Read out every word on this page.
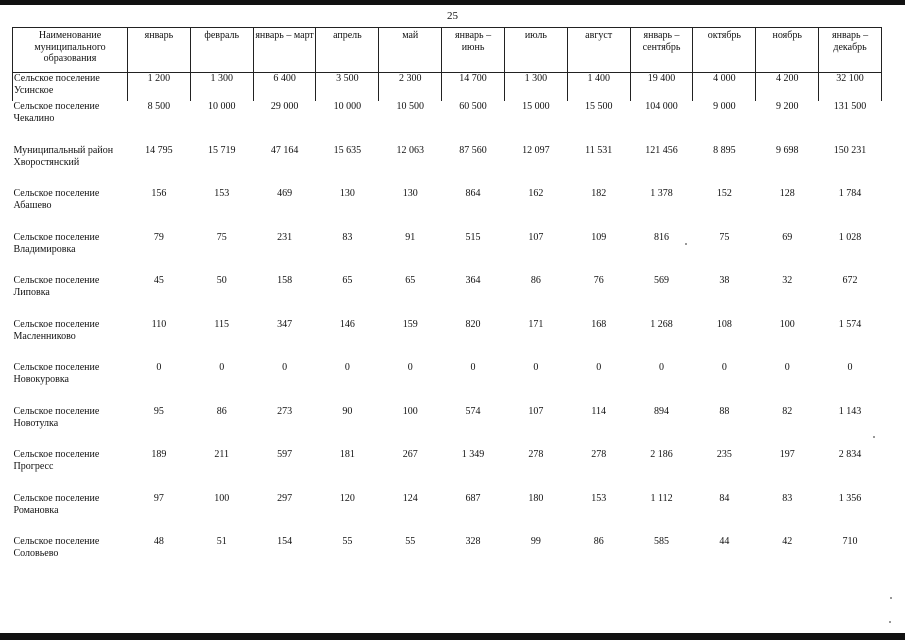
25
Наименование муниципального образования	январь	февраль	январь – март	апрель	май	январь – июнь	июль	август	январь – сентябрь	октябрь	ноябрь	январь – декабрь
Сельское поселение Усинское	1 200	1 300	6 400	3 500	2 300	14 700	1 300	1 400	19 400	4 000	4 200	32 100
Сельское поселение Чекалино	8 500	10 000	29 000	10 000	10 500	60 500	15 000	15 500	104 000	9 000	9 200	131 500
Муниципальный район Хворостянский	14 795	15 719	47 164	15 635	12 063	87 560	12 097	11 531	121 456	8 895	9 698	150 231
Сельское поселение Абашево	156	153	469	130	130	864	162	182	1 378	152	128	1 784
Сельское поселение Владимировка	79	75	231	83	91	515	107	109	816	75	69	1 028
Сельское поселение Липовка	45	50	158	65	65	364	86	76	569	38	32	672
Сельское поселение Масленниково	110	115	347	146	159	820	171	168	1 268	108	100	1 574
Сельское поселение Новокуровка	0	0	0	0	0	0	0	0	0	0	0	0
Сельское поселение Новотулка	95	86	273	90	100	574	107	114	894	88	82	1 143
Сельское поселение Прогресс	189	211	597	181	267	1 349	278	278	2 186	235	197	2 834
Сельское поселение Романовка	97	100	297	120	124	687	180	153	1 112	84	83	1 356
Сельское поселение Соловьево	48	51	154	55	55	328	99	86	585	44	42	710
